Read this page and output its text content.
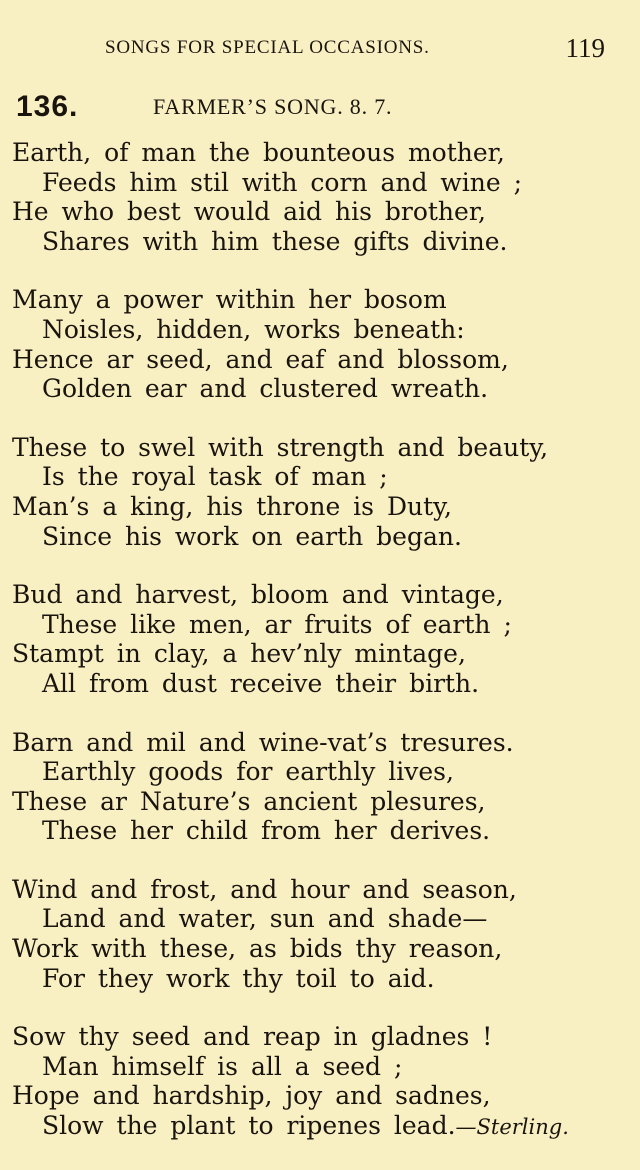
SONGS FOR SPECIAL OCCASIONS.	119
136.	FARMER’S SONG. 8. 7.
Earth, of man the bounteous mother,
Feeds him stil with corn and wine ;
He who best would aid his brother,
Shares with him these gifts divine.
Many a power within her bosom
Noisles, hidden, works beneath:
Hence ar seed, and eaf and blossom,
Golden ear and clustered wreath.
These to swel with strength and beauty,
Is the royal task of man ;
Man’s a king, his throne is Duty,
Since his work on earth began.
Bud and harvest, bloom and vintage,
These like men, ar fruits of earth ;
Stampt in clay, a hev’nly mintage,
All from dust receive their birth.
Barn and mil and wine-vat’s tresures.
Earthly goods for earthly lives,
These ar Nature’s ancient plesures,
These her child from her derives.
Wind and frost, and hour and season,
Land and water, sun and shade—
Work with these, as bids thy reason,
For they work thy toil to aid.
Sow thy seed and reap in gladnes !
Man himself is all a seed ;
Hope and hardship, joy and sadnes,
Slow the plant to ripenes lead.—Sterling.
